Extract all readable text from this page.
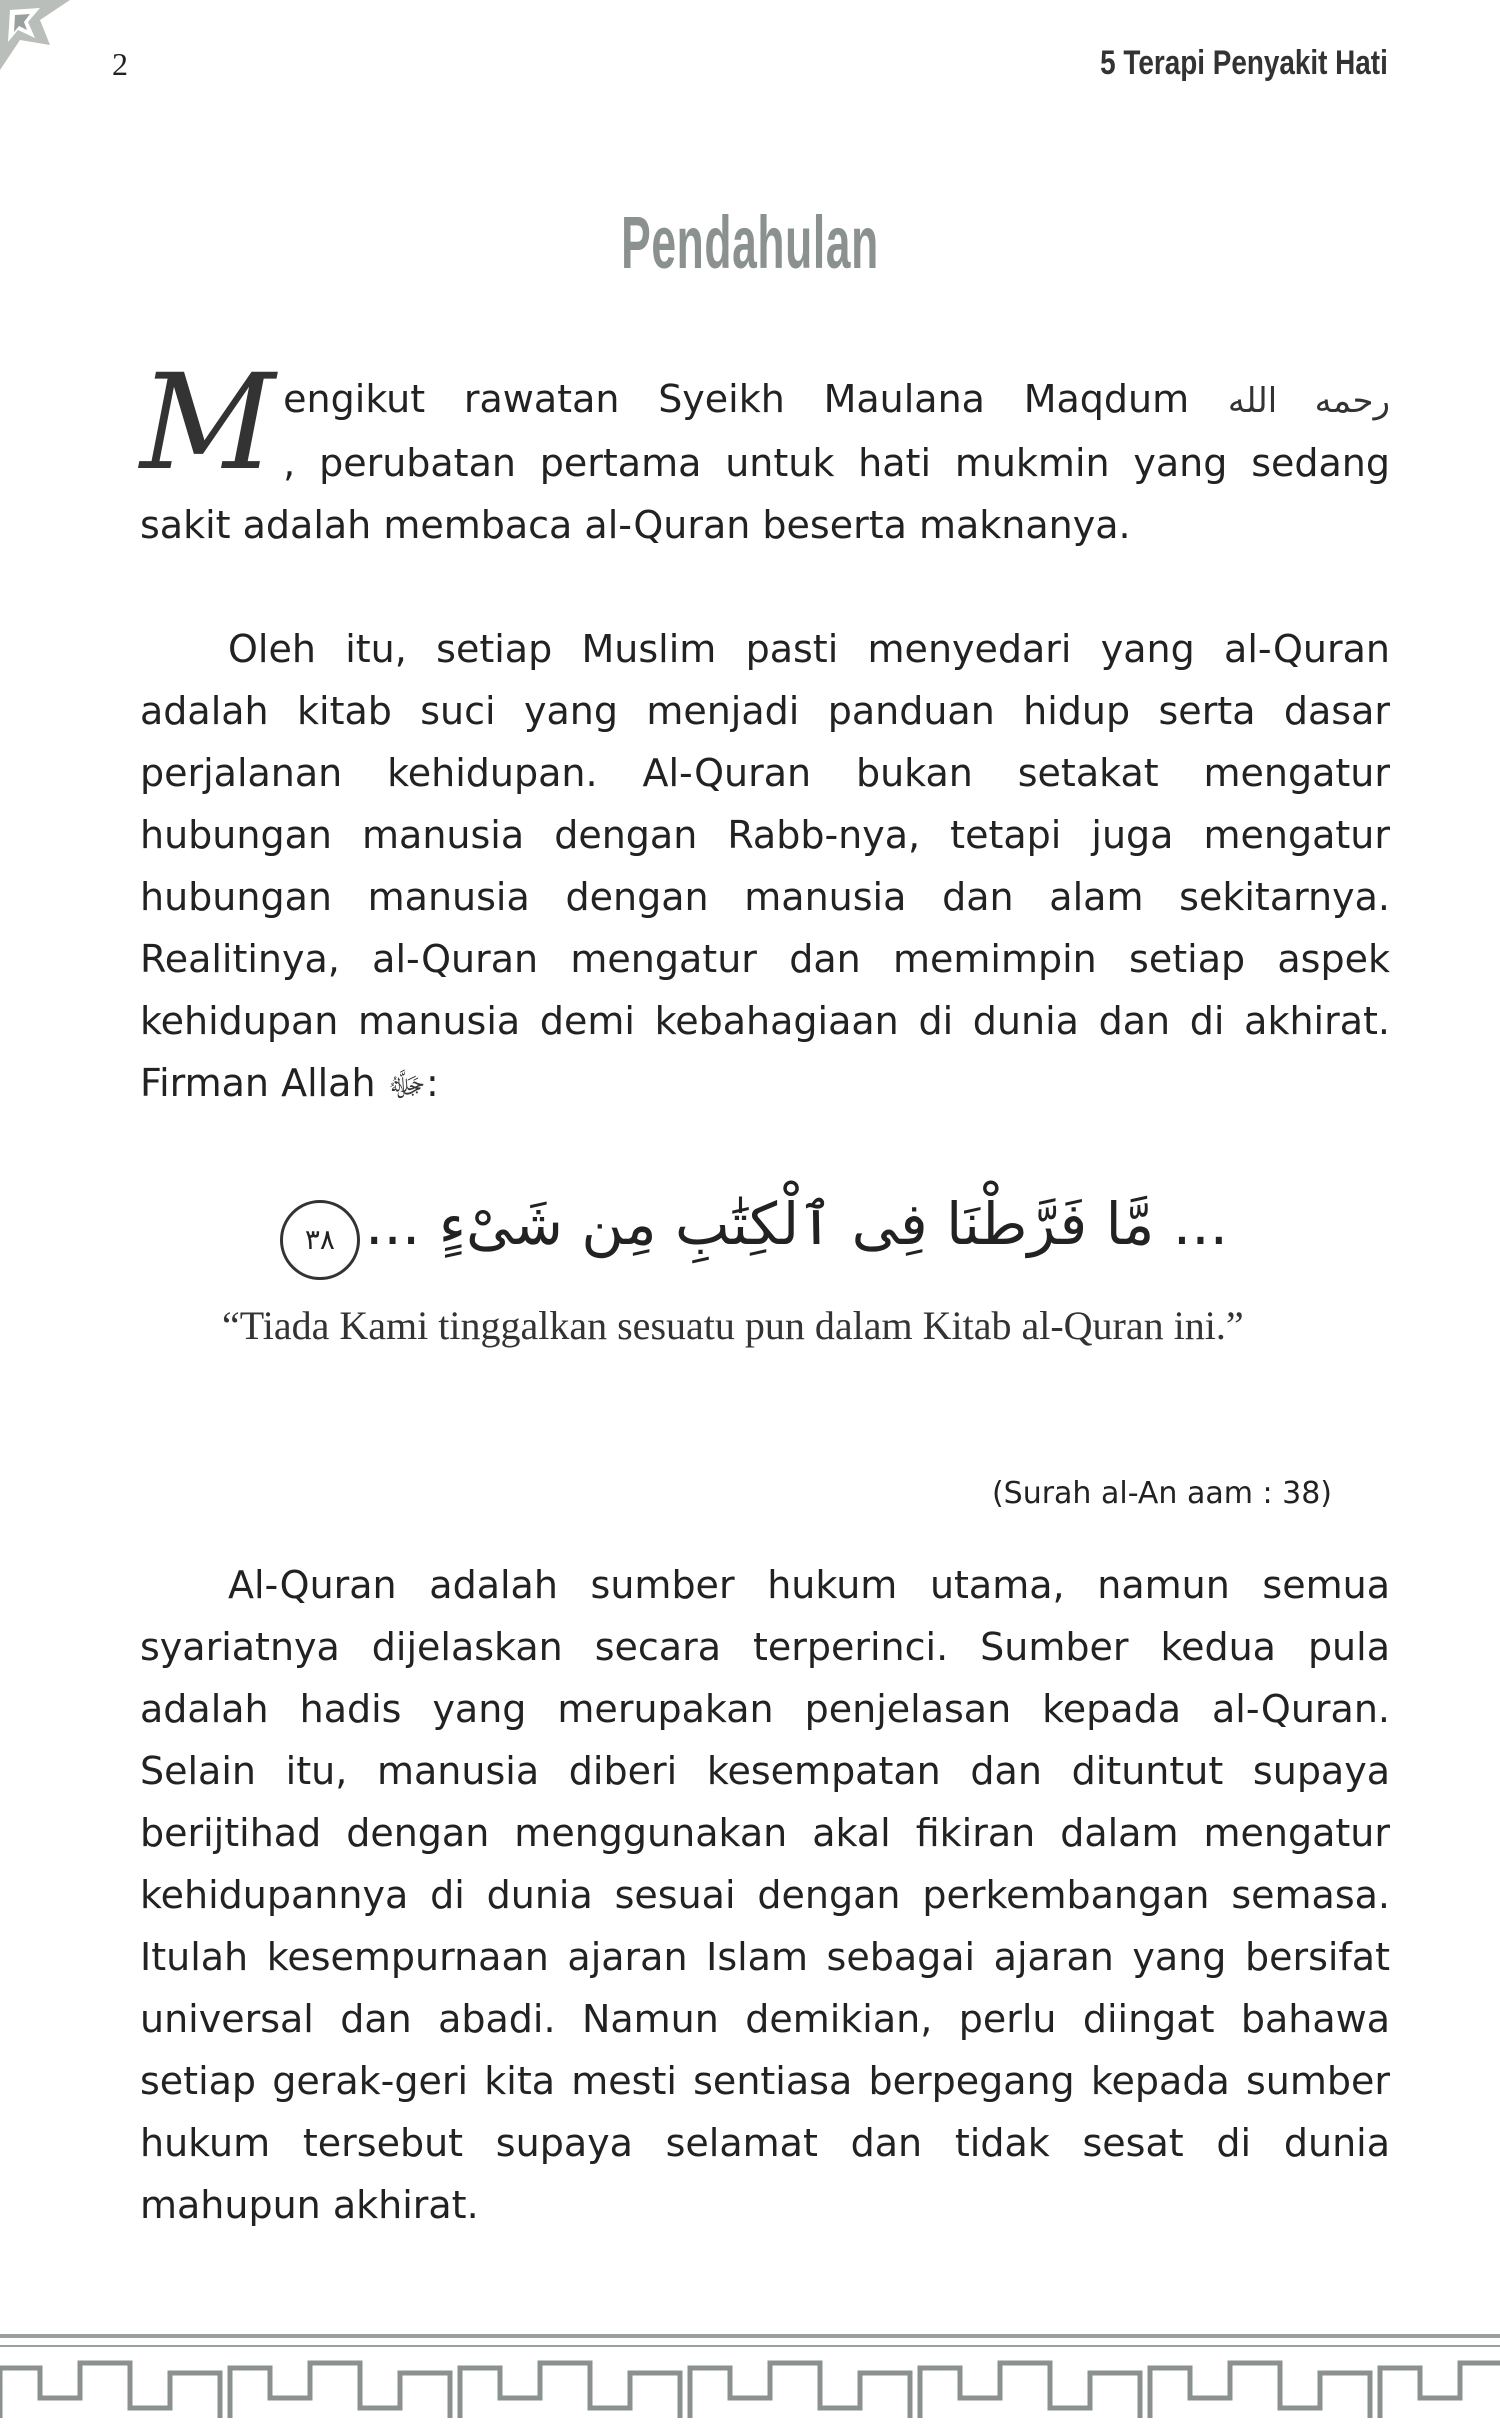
2	5 Terapi Penyakit Hati
Pendahulan
M engikut rawatan Syeikh Maulana Maqdum رحمه الله
, perubatan pertama untuk hati mukmin yang sedang sakit adalah membaca al-Quran beserta maknanya.
Oleh itu, setiap Muslim pasti menyedari yang al-Quran adalah kitab suci yang menjadi panduan hidup serta dasar perjalanan kehidupan. Al-Quran bukan setakat mengatur hubungan manusia dengan Rabb-nya, tetapi juga mengatur hubungan manusia dengan manusia dan alam sekitarnya. Realitinya, al-Quran mengatur dan memimpin setiap aspek kehidupan manusia demi kebahagiaan di dunia dan di akhirat. Firman Allah ﷻ:
٣٨ ... مَّا فَرَّطْنَا فِى ٱلْكِتَٰبِ مِن شَىْءٍ ...
“Tiada Kami tinggalkan sesuatu pun dalam Kitab al-Quran ini.”
(Surah al-An aam : 38)
Al-Quran adalah sumber hukum utama, namun semua syariatnya dijelaskan secara terperinci. Sumber kedua pula adalah hadis yang merupakan penjelasan kepada al-Quran. Selain itu, manusia diberi kesempatan dan dituntut supaya berijtihad dengan menggunakan akal fikiran dalam mengatur kehidupannya di dunia sesuai dengan perkembangan semasa. Itulah kesempurnaan ajaran Islam sebagai ajaran yang bersifat universal dan abadi. Namun demikian, perlu diingat bahawa setiap gerak-geri kita mesti sentiasa berpegang kepada sumber hukum tersebut supaya selamat dan tidak sesat di dunia mahupun akhirat.
